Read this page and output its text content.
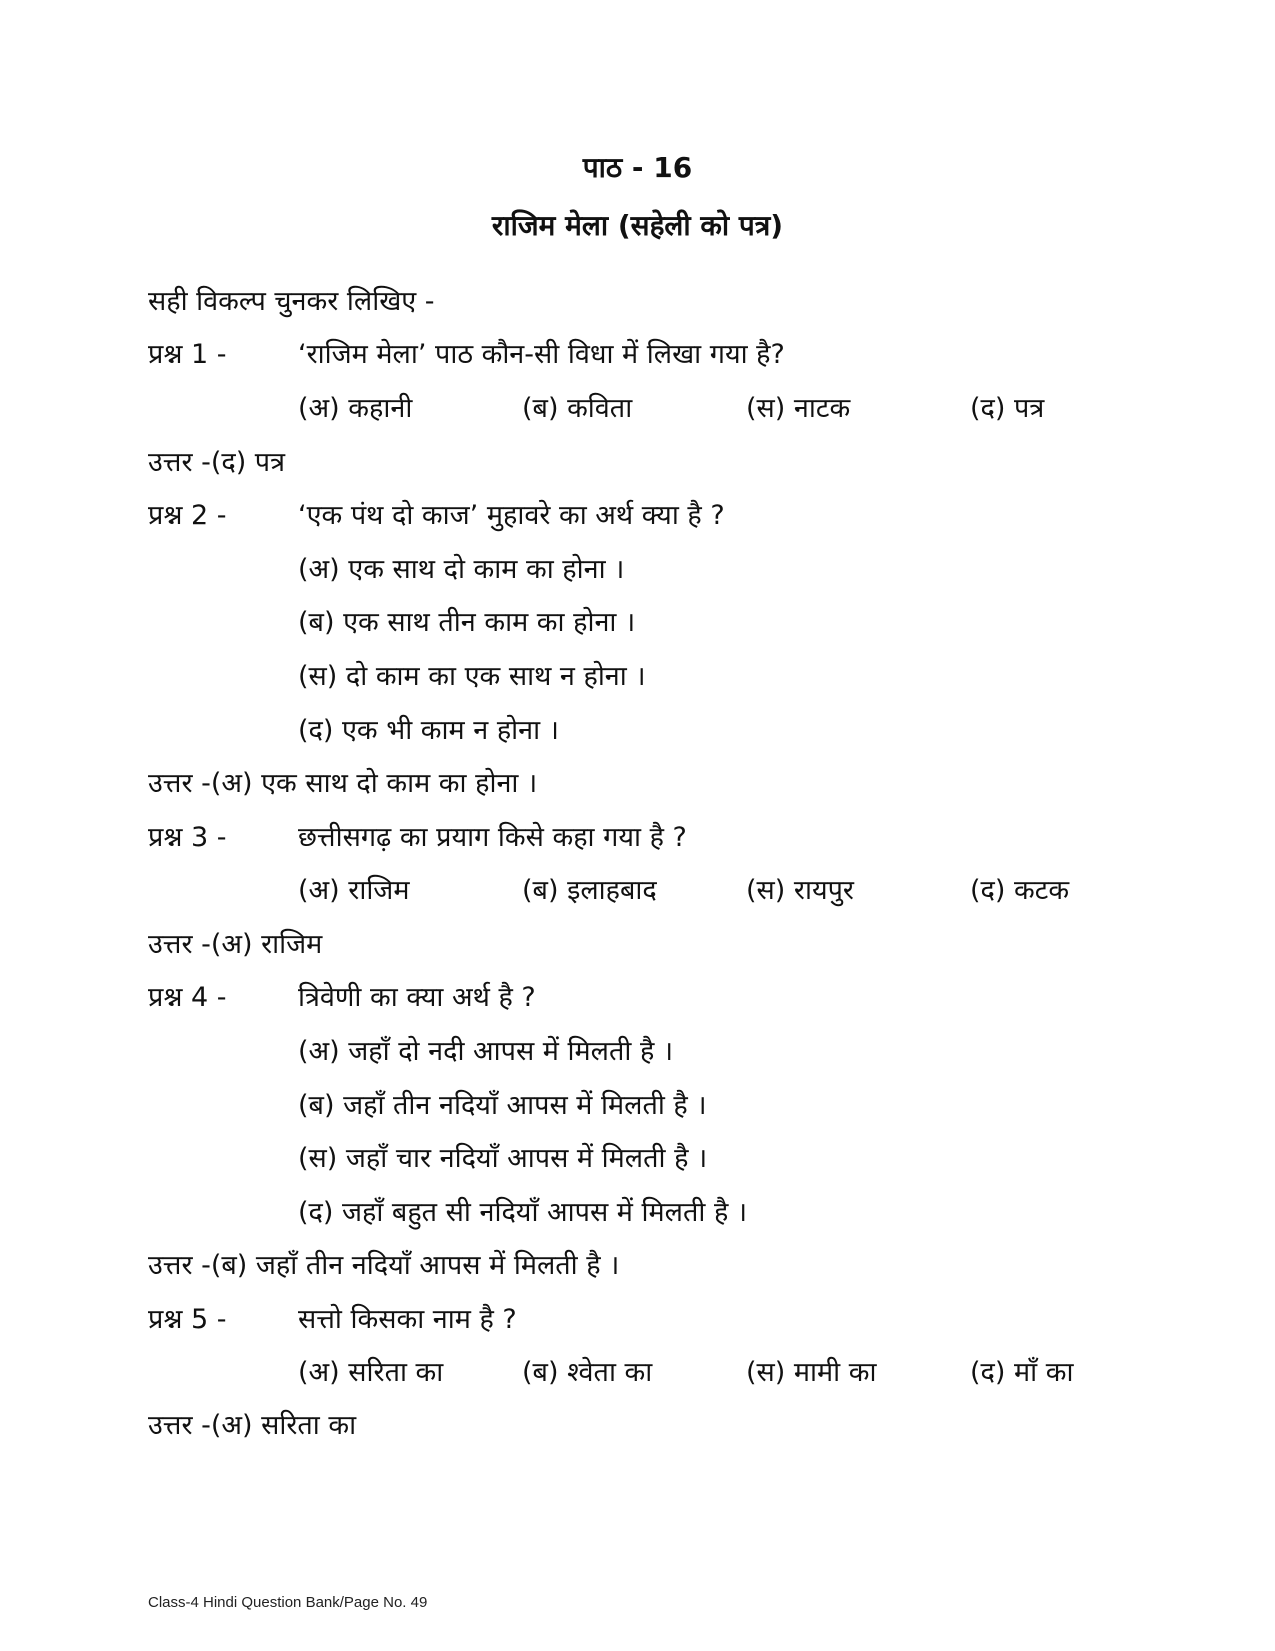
पाठ - 16
राजिम मेला (सहेली को पत्र)
सही विकल्प चुनकर लिखिए -
प्रश्न 1 -	‘राजिम मेला’ पाठ कौन-सी विधा में लिखा गया है?
(अ) कहानी	(ब) कविता	(स) नाटक	(द) पत्र
उत्तर -(द) पत्र
प्रश्न 2 -	‘एक पंथ दो काज’ मुहावरे का अर्थ क्या है ?
(अ) एक साथ दो काम का होना ।
(ब) एक साथ तीन काम का होना ।
(स) दो काम का एक साथ न होना ।
(द) एक भी काम न होना ।
उत्तर -(अ) एक साथ दो काम का होना ।
प्रश्न 3 -	छत्तीसगढ़ का प्रयाग किसे कहा गया है ?
(अ) राजिम	(ब) इलाहबाद	(स) रायपुर	(द) कटक
उत्तर -(अ) राजिम
प्रश्न 4 -	त्रिवेणी का क्या अर्थ है ?
(अ) जहाँ दो नदी आपस में मिलती है ।
(ब) जहाँ तीन नदियाँ आपस में मिलती है ।
(स) जहाँ चार नदियाँ आपस में मिलती है ।
(द) जहाँ बहुत सी नदियाँ आपस में मिलती है ।
उत्तर -(ब) जहाँ तीन नदियाँ आपस में मिलती है ।
प्रश्न 5 -	सत्तो किसका नाम है ?
(अ) सरिता का	(ब) श्वेता का	(स) मामी का	(द) माँ का
उत्तर -(अ) सरिता का
Class-4 Hindi Question Bank/Page No. 49
